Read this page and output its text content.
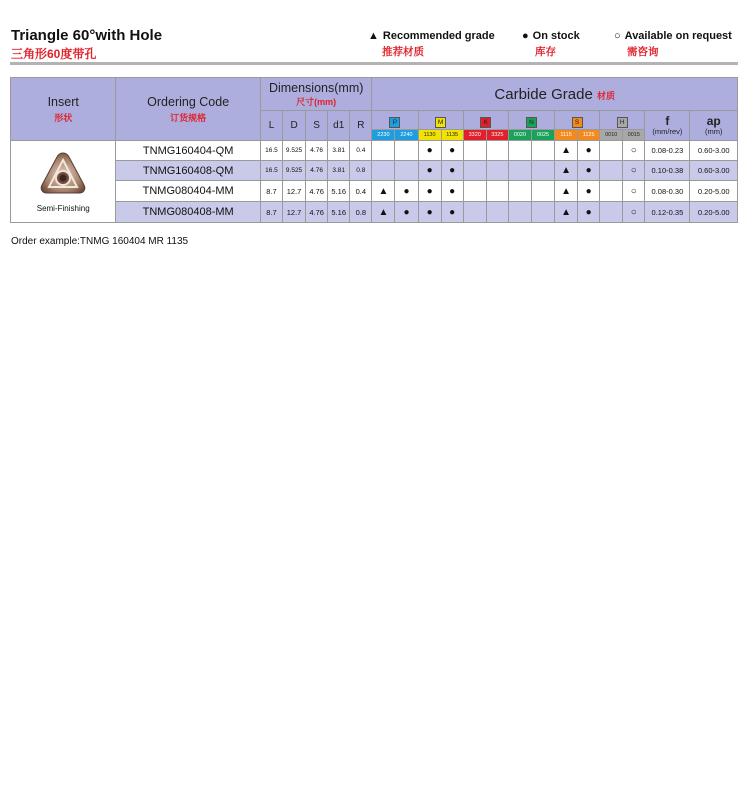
Triangle 60°with Hole
三角形60度带孔
▲ Recommended grade
推荐材质
● On stock
库存
○ Available on request
需咨询
Insert
形状	Ordering Code
订货规格	Dimensions(mm)
尺寸(mm)					Carbide Grade 材质													
		L	D	S	d1	R	P		M		K		N		S		H		f
(mm/rev)	ap
(mm)

							2230	2240	1130	1135	3320	3325	0020	0025	1115	1125	0010	0015		

Semi-Finishing	TNMG160404-QM	16.5	9.525	4.76	3.81	0.4			●	●					▲	●		○	0.08-0.23	0.60-3.00
	TNMG160408-QM	16.5	9.525	4.76	3.81	0.8			●	●					▲	●		○	0.10-0.38	0.60-3.00
	TNMG080404-MM	8.7	12.7	4.76	5.16	0.4	▲	●	●	●					▲	●		○	0.08-0.30	0.20-5.00
	TNMG080408-MM	8.7	12.7	4.76	5.16	0.8	▲	●	●	●					▲	●		○	0.12-0.35	0.20-5.00
Order example:TNMG 160404 MR 1135
